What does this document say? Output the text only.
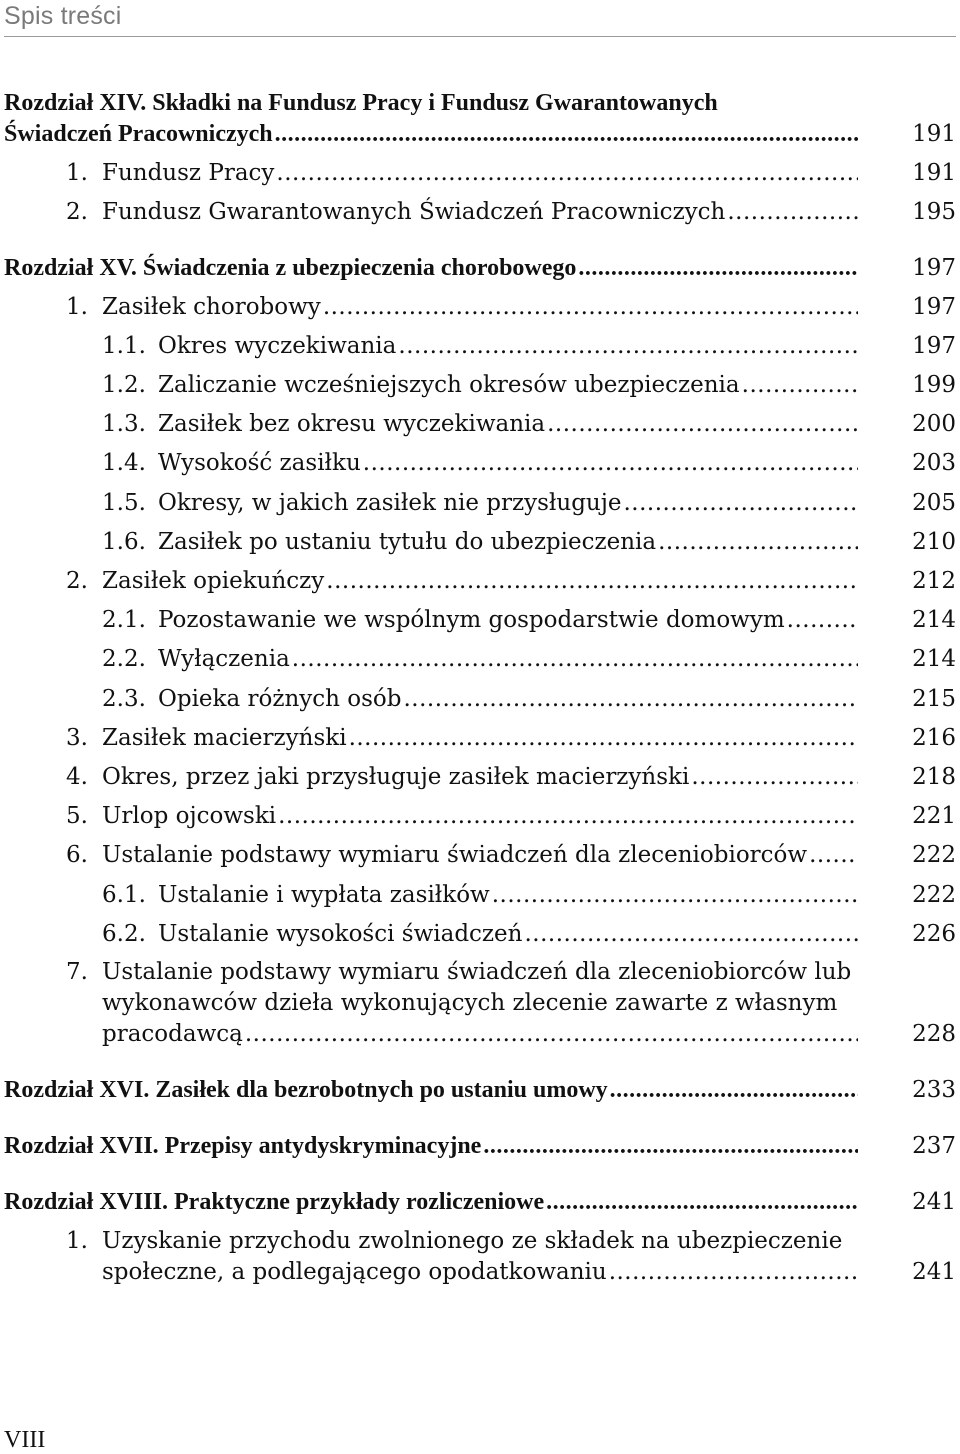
Spis treści
Rozdział XIV. Składki na Fundusz Pracy i Fundusz Gwarantowanych
Świadczeń Pracowniczych .....	191
1. Fundusz Pracy .....	191
2. Fundusz Gwarantowanych Świadczeń Pracowniczych .....	195
Rozdział XV. Świadczenia z ubezpieczenia chorobowego .....	197
1. Zasiłek chorobowy .....	197
1.1. Okres wyczekiwania .....	197
1.2. Zaliczanie wcześniejszych okresów ubezpieczenia .....	199
1.3. Zasiłek bez okresu wyczekiwania .....	200
1.4. Wysokość zasiłku .....	203
1.5. Okresy, w jakich zasiłek nie przysługuje .....	205
1.6. Zasiłek po ustaniu tytułu do ubezpieczenia .....	210
2. Zasiłek opiekuńczy .....	212
2.1. Pozostawanie we wspólnym gospodarstwie domowym .....	214
2.2. Wyłączenia .....	214
2.3. Opieka różnych osób .....	215
3. Zasiłek macierzyński .....	216
4. Okres, przez jaki przysługuje zasiłek macierzyński .....	218
5. Urlop ojcowski .....	221
6. Ustalanie podstawy wymiaru świadczeń dla zleceniobiorców .....	222
6.1. Ustalanie i wypłata zasiłków .....	222
6.2. Ustalanie wysokości świadczeń .....	226
7. Ustalanie podstawy wymiaru świadczeń dla zleceniobiorców lub
wykonawców dzieła wykonujących zlecenie zawarte z własnym
pracodawcą .....	228
Rozdział XVI. Zasiłek dla bezrobotnych po ustaniu umowy .....	233
Rozdział XVII. Przepisy antydyskryminacyjne .....	237
Rozdział XVIII. Praktyczne przykłady rozliczeniowe .....	241
1. Uzyskanie przychodu zwolnionego ze składek na ubezpieczenie
społeczne, a podlegającego opodatkowaniu .....	241
VIII
